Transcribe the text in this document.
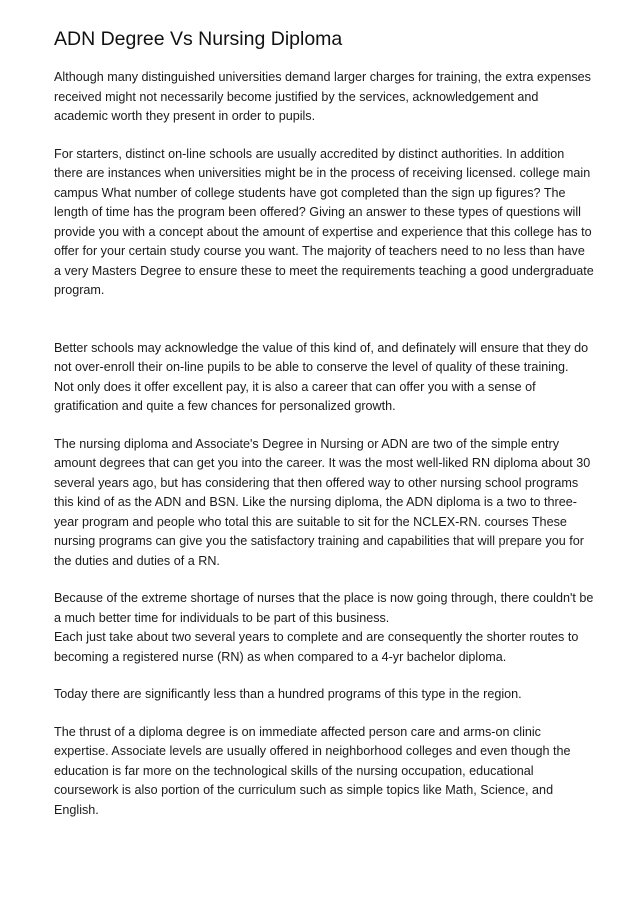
ADN Degree Vs Nursing Diploma

Although many distinguished universities demand larger charges for training, the extra expenses received might not necessarily become justified by the services, acknowledgement and academic worth they present in order to pupils.

For starters, distinct on-line schools are usually accredited by distinct authorities. In addition there are instances when universities might be in the process of receiving licensed. college main campus What number of college students have got completed than the sign up figures? The length of time has the program been offered? Giving an answer to these types of questions will provide you with a concept about the amount of expertise and experience that this college has to offer for your certain study course you want. The majority of teachers need to no less than have a very Masters Degree to ensure these to meet the requirements teaching a good undergraduate program.

Better schools may acknowledge the value of this kind of, and definately will ensure that they do not over-enroll their on-line pupils to be able to conserve the level of quality of these training.

Not only does it offer excellent pay, it is also a career that can offer you with a sense of gratification and quite a few chances for personalized growth.

The nursing diploma and Associate's Degree in Nursing or ADN are two of the simple entry amount degrees that can get you into the career. It was the most well-liked RN diploma about 30 several years ago, but has considering that then offered way to other nursing school programs this kind of as the ADN and BSN. Like the nursing diploma, the ADN diploma is a two to three-year program and people who total this are suitable to sit for the NCLEX-RN. courses These nursing programs can give you the satisfactory training and capabilities that will prepare you for the duties and duties of a RN.

Because of the extreme shortage of nurses that the place is now going through, there couldn't be a much better time for individuals to be part of this business.

Each just take about two several years to complete and are consequently the shorter routes to becoming a registered nurse (RN) as when compared to a 4-yr bachelor diploma.

Today there are significantly less than a hundred programs of this type in the region.

The thrust of a diploma degree is on immediate affected person care and arms-on clinic expertise. Associate levels are usually offered in neighborhood colleges and even though the education is far more on the technological skills of the nursing occupation, educational coursework is also portion of the curriculum such as simple topics like Math, Science, and English.
